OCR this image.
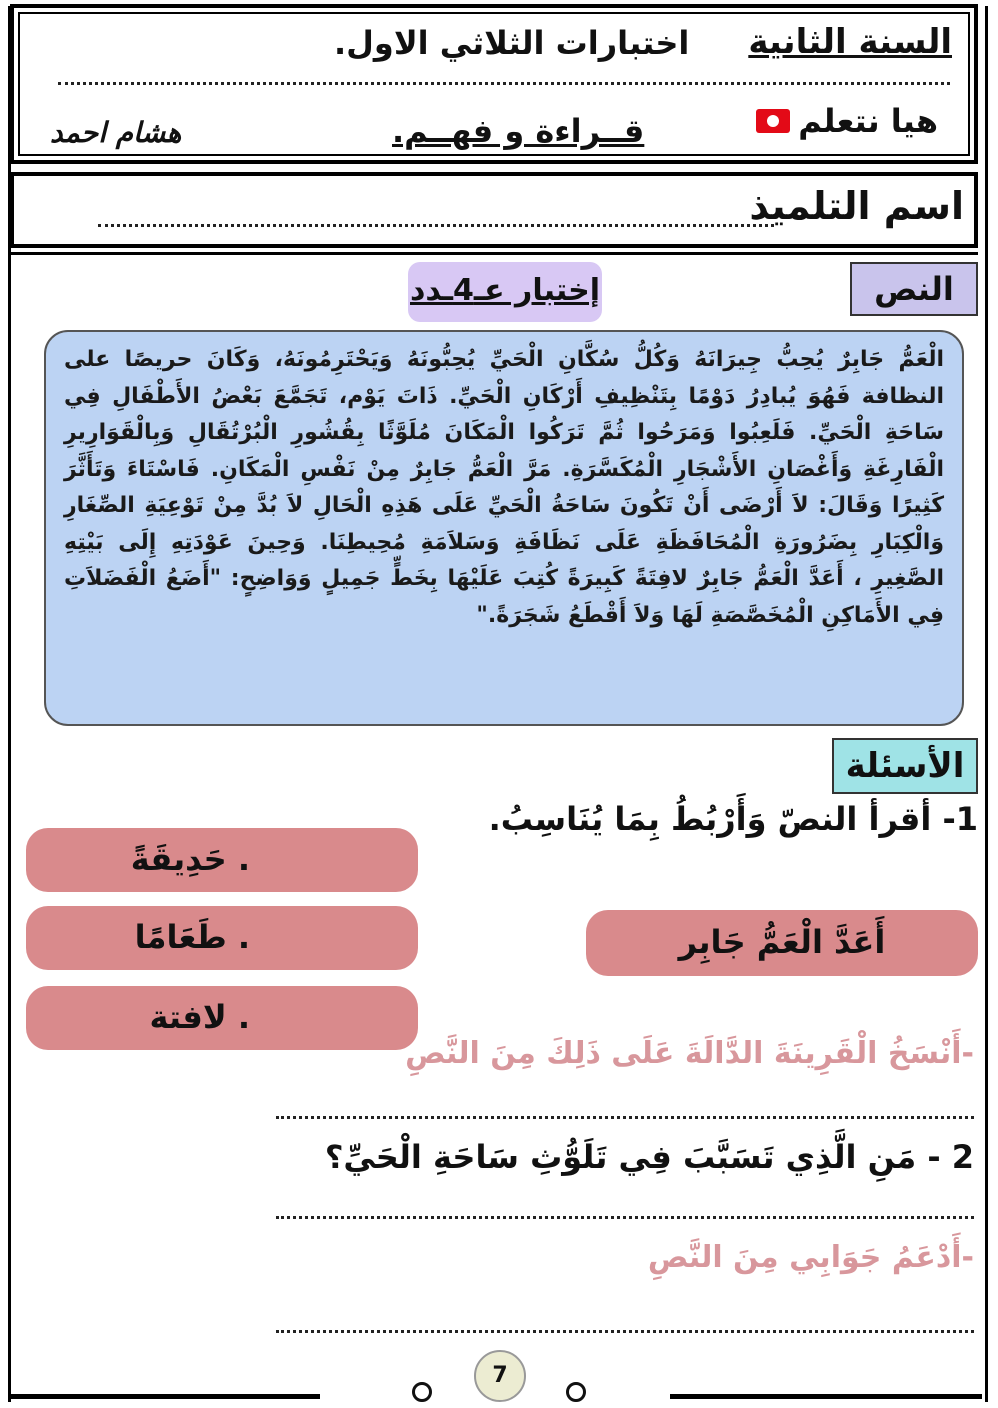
السنة الثانية
اختبارات الثلاثي الاول.
هيا نتعلم
قــراءة و فهــم.
هشام احمد
اسم التلميذ
النص
إختبار عـ4ـدد
الْعَمُّ جَابِرٌ يُحِبُّ جِيرَانَهُ وَكُلُّ سُكَّانِ الْحَيِّ يُحِبُّونَهُ وَيَحْتَرِمُونَهُ، وَكَانَ حريصًا على النظافة فَهُوَ يُبادِرُ دَوْمًا بِتَنْظِيفِ أَرْكَانِ الْحَيِّ. ذَاتَ يَوْم، تَجَمَّعَ بَعْضُ الأَطْفَالِ فِي سَاحَةِ الْحَيِّ. فَلَعِبُوا وَمَرَحُوا ثُمَّ تَرَكُوا الْمَكَانَ مُلَوَّثًا بِقُشُورِ الْبُرْتُقَالِ وَبِالْقَوَارِيرِ الْفَارِغَةِ وَأَغْصَانِ الأَشْجَارِ الْمُكَسَّرَةِ. مَرَّ الْعَمُّ جَابِرٌ مِنْ نَفْسِ الْمَكَانِ. فَاسْتَاءَ وَتَأَثَّرَ كَثِيرًا وَقَالَ: لاَ أَرْضَى أَنْ تَكُونَ سَاحَةُ الْحَيِّ عَلَى هَذِهِ الْحَالِ لاَ بُدَّ مِنْ تَوْعِيَةِ الصِّغَارِ وَالْكِبَارِ بِضَرُورَةِ الْمُحَافَظَةِ عَلَى نَظَافَةِ وَسَلاَمَةِ مُحِيطِنَا. وَحِينَ عَوْدَتِهِ إِلَى بَيْتِهِ الصَّغِيرِ ، أَعَدَّ الْعَمُّ جَابِرٌ لافِتَةً كَبِيرَةً كُتِبَ عَلَيْهَا بِخَطٍّ جَمِيلٍ وَوَاضِحٍ: "أَضَعُ الْفَضَلاَتِ فِي الأَمَاكِنِ الْمُخَصَّصَةِ لَهَا وَلاَ أَقْطَعُ شَجَرَةً."
الأسئلة
1- أقرأ النصّ وَأَرْبُطُ بِمَا يُنَاسِبُ.
. حَدِيقَةً
. طَعَامًا
. لافتة
أَعَدَّ الْعَمُّ جَابِر
-أَنْسَخُ الْقَرِينَةَ الدَّالَةَ عَلَى ذَلِكَ مِنَ النَّصِ
2 - مَنِ الَّذِي تَسَبَّبَ فِي تَلَوُّثِ سَاحَةِ الْحَيِّ؟
-أَدْعَمُ جَوَابِي مِنَ النَّصِ
7
